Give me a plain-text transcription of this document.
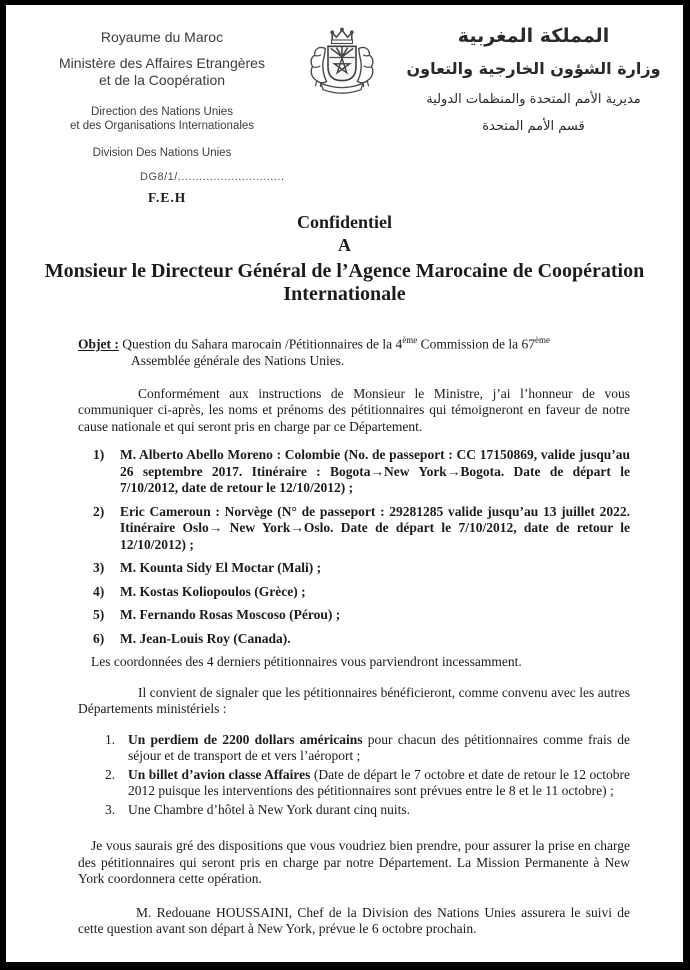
Royaume du Maroc
Ministère des Affaires Etrangères
et de la Coopération
Direction des Nations Unies
et des Organisations Internationales
Division Des Nations Unies
المملكة المغربية
وزارة الشؤون الخارجية والتعاون
مديرية الأمم المتحدة والمنظمات الدولية
قسم الأمم المتحدة
DG8/1/..............................
F.E.H
Confidentiel
A
Monsieur le Directeur Général de l’Agence Marocaine de Coopération Internationale
Objet : Question du Sahara marocain /Pétitionnaires de la 4ème Commission de la 67ème
Assemblée générale des Nations Unies.
Conformément aux instructions de Monsieur le Ministre, j’ai l’honneur de vous communiquer ci-après, les noms et prénoms des pétitionnaires qui témoigneront en faveur de notre cause nationale et qui seront pris en charge par ce Département.
1) M. Alberto Abello Moreno : Colombie (No. de passeport : CC 17150869, valide jusqu’au 26 septembre 2017. Itinéraire : Bogota→New York→Bogota. Date de départ le 7/10/2012, date de retour le 12/10/2012) ;
2) Eric Cameroun : Norvège (N° de passeport : 29281285 valide jusqu’au 13 juillet 2022. Itinéraire Oslo→ New York→Oslo. Date de départ le 7/10/2012, date de retour le 12/10/2012) ;
3) M. Kounta Sidy El Moctar (Mali) ;
4) M. Kostas Koliopoulos (Grèce) ;
5) M. Fernando Rosas Moscoso (Pérou) ;
6) M. Jean-Louis Roy (Canada).
Les coordonnées des 4 derniers pétitionnaires vous parviendront incessamment.
Il convient de signaler que les pétitionnaires bénéficieront, comme convenu avec les autres Départements ministériels :
1. Un perdiem de 2200 dollars américains pour chacun des pétitionnaires comme frais de séjour et de transport de et vers l’aéroport ;
2. Un billet d’avion classe Affaires (Date de départ le 7 octobre et date de retour le 12 octobre 2012 puisque les interventions des pétitionnaires sont prévues entre le 8 et le 11 octobre) ;
3. Une Chambre d’hôtel à New York durant cinq nuits.
Je vous saurais gré des dispositions que vous voudriez bien prendre, pour assurer la prise en charge des pétitionnaires qui seront pris en charge par notre Département. La Mission Permanente à New York coordonnera cette opération.
M. Redouane HOUSSAINI, Chef de la Division des Nations Unies assurera le suivi de cette question avant son départ à New York, prévue le 6 octobre prochain.
